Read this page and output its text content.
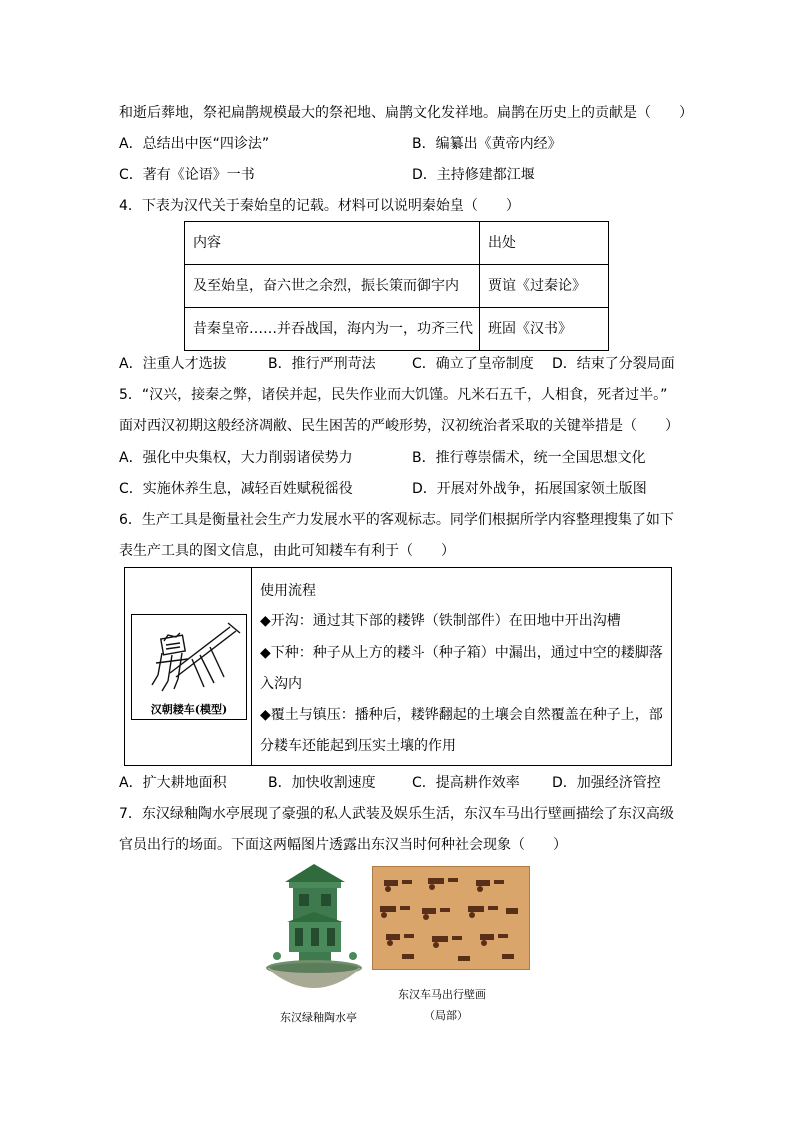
和逝后葬地，祭祀扁鹊规模最大的祭祀地、扁鹊文化发祥地。扁鹊在历史上的贡献是（　　）
A．总结出中医“四诊法”	B．编纂出《黄帝内经》
C．著有《论语》一书	D．主持修建都江堰
4．下表为汉代关于秦始皇的记载。材料可以说明秦始皇（　　）
内容	出处
及至始皇，奋六世之余烈，振长策而御宇内	贾谊《过秦论》
昔秦皇帝……并吞战国，海内为一，功齐三代	班固《汉书》
A．注重人才选拔	B．推行严刑苛法	C．确立了皇帝制度 D．结束了分裂局面
5．“汉兴，接秦之弊，诸侯并起，民失作业而大饥馑。凡米石五千，人相食，死者过半。”
面对西汉初期这般经济凋敝、民生困苦的严峻形势，汉初统治者采取的关键举措是（　　）
A．强化中央集权，大力削弱诸侯势力	B．推行尊崇儒术，统一全国思想文化
C．实施休养生息，减轻百姓赋税徭役	D．开展对外战争，拓展国家领土版图
6．生产工具是衡量社会生产力发展水平的客观标志。同学们根据所学内容整理搜集了如下
表生产工具的图文信息，由此可知耧车有利于（　　）
汉朝耧车(模型)
使用流程
◆开沟：通过其下部的耧铧（铁制部件）在田地中开出沟槽
◆下种：种子从上方的耧斗（种子箱）中漏出，通过中空的耧脚落
入沟内
◆覆土与镇压：播种后，耧铧翻起的土壤会自然覆盖在种子上，部
分耧车还能起到压实土壤的作用
A．扩大耕地面积	B．加快收割速度	C．提高耕作效率 D．加强经济管控
7．东汉绿釉陶水亭展现了豪强的私人武装及娱乐生活，东汉车马出行壁画描绘了东汉高级
官员出行的场面。下面这两幅图片透露出东汉当时何种社会现象（　　）
东汉绿釉陶水亭
东汉车马出行壁画
（局部）
